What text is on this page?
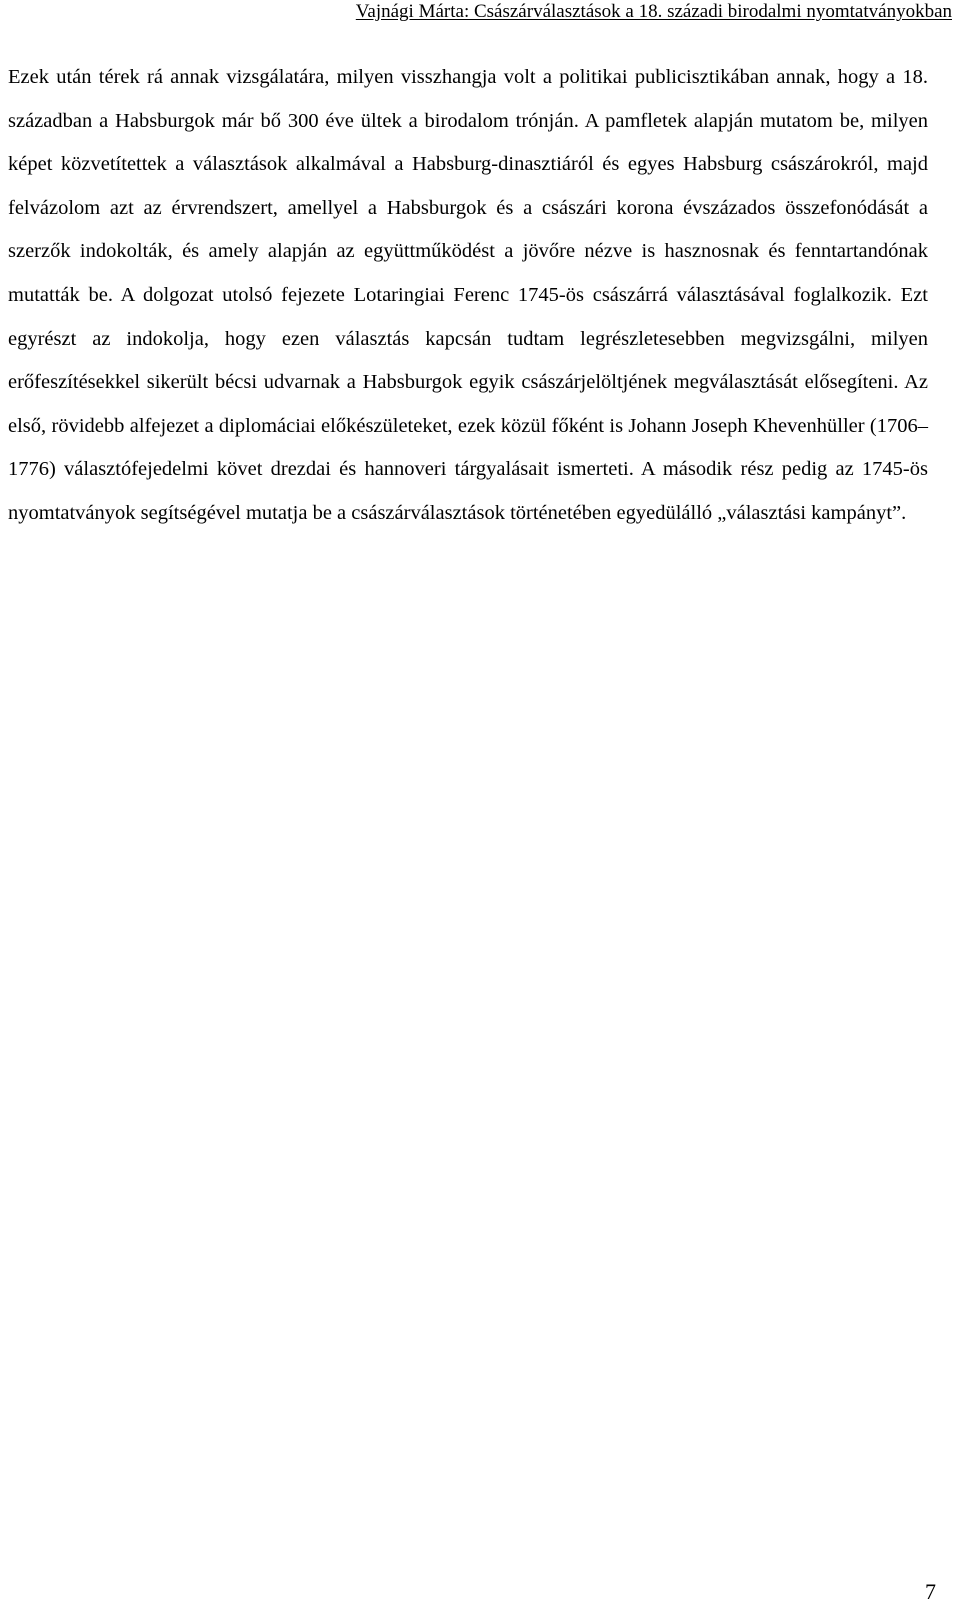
Vajnági Márta: Császárválasztások a 18. századi birodalmi nyomtatványokban

Ezek után térek rá annak vizsgálatára, milyen visszhangja volt a politikai publicisztikában annak, hogy a 18. században a Habsburgok már bő 300 éve ültek a birodalom trónján. A pamfletek alapján mutatom be, milyen képet közvetítettek a választások alkalmával a Habsburg-dinasztiáról és egyes Habsburg császárokról, majd felvázolom azt az érvrendszert, amellyel a Habsburgok és a császári korona évszázados összefonódását a szerzők indokolták, és amely alapján az együttműködést a jövőre nézve is hasznosnak és fenntartandónak mutatták be. A dolgozat utolsó fejezete Lotaringiai Ferenc 1745-ös császárrá választásával foglalkozik. Ezt egyrészt az indokolja, hogy ezen választás kapcsán tudtam legrészletesebben megvizsgálni, milyen erőfeszítésekkel sikerült bécsi udvarnak a Habsburgok egyik császárjelöltjének megválasztását elősegíteni. Az első, rövidebb alfejezet a diplomáciai előkészületeket, ezek közül főként is Johann Joseph Khevenhüller (1706–1776) választófejedelmi követ drezdai és hannoveri tárgyalásait ismerteti. A második rész pedig az 1745-ös nyomtatványok segítségével mutatja be a császárválasztások történetében egyedülálló „választási kampányt”.

7
